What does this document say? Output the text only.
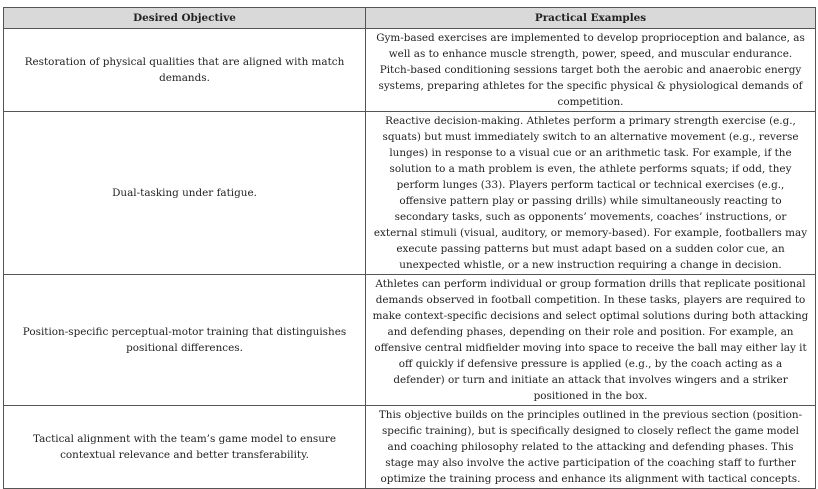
Desired Objective	Practical Examples
Restoration of physical qualities that are aligned with match demands.	Gym-based exercises are implemented to develop proprioception and balance, as well as to enhance muscle strength, power, speed, and muscular endurance. Pitch-based conditioning sessions target both the aerobic and anaerobic energy systems, preparing athletes for the specific physical & physiological demands of competition.
Dual-tasking under fatigue.	Reactive decision-making. Athletes perform a primary strength exercise (e.g., squats) but must immediately switch to an alternative movement (e.g., reverse lunges) in response to a visual cue or an arithmetic task. For example, if the solution to a math problem is even, the athlete performs squats; if odd, they perform lunges (33). Players perform tactical or technical exercises (e.g., offensive pattern play or passing drills) while simultaneously reacting to secondary tasks, such as opponents’ movements, coaches’ instructions, or external stimuli (visual, auditory, or memory-based). For example, footballers may execute passing patterns but must adapt based on a sudden color cue, an unexpected whistle, or a new instruction requiring a change in decision.
Position-specific perceptual-motor training that distinguishes positional differences.	Athletes can perform individual or group formation drills that replicate positional demands observed in football competition. In these tasks, players are required to make context-specific decisions and select optimal solutions during both attacking and defending phases, depending on their role and position. For example, an offensive central midfielder moving into space to receive the ball may either lay it off quickly if defensive pressure is applied (e.g., by the coach acting as a defender) or turn and initiate an attack that involves wingers and a striker positioned in the box.
Tactical alignment with the team’s game model to ensure contextual relevance and better transferability.	This objective builds on the principles outlined in the previous section (position-specific training), but is specifically designed to closely reflect the game model and coaching philosophy related to the attacking and defending phases. This stage may also involve the active participation of the coaching staff to further optimize the training process and enhance its alignment with tactical concepts.
